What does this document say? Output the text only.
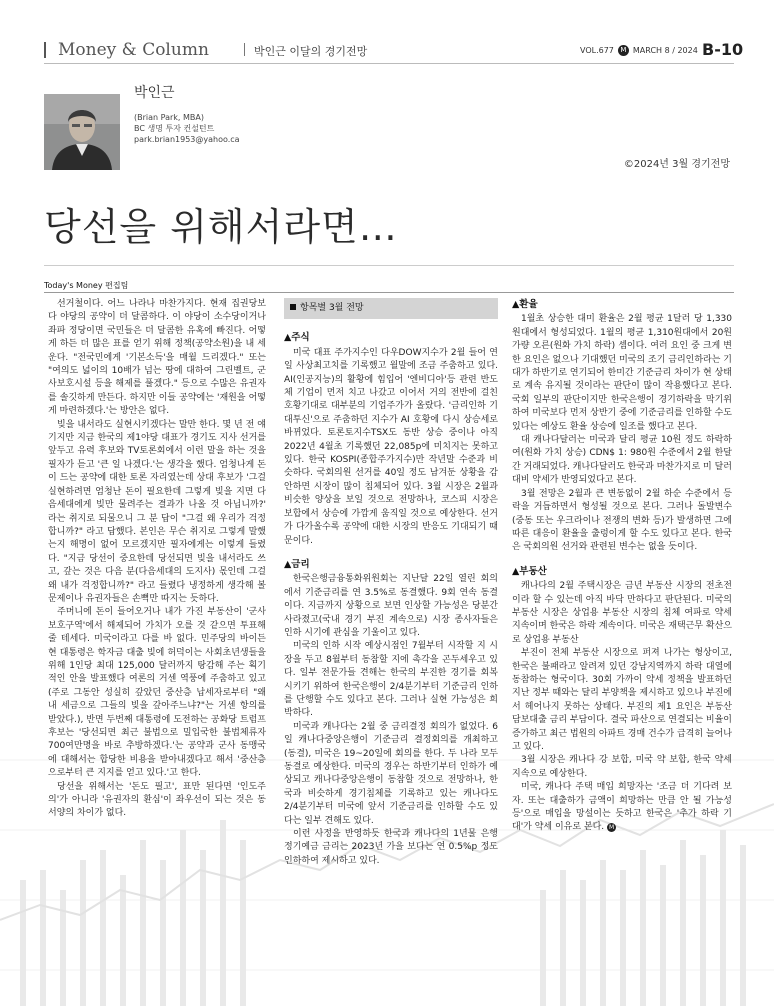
Money & Column	박인근 이달의 경기전망	VOL.677 M MARCH 8 / 2024 B-10
박인근
(Brian Park, MBA)
BC 생명 투자 컨설턴트
park.brian1953@yahoo.ca
©2024년 3월 경기전망
당선을 위해서라면…
Today's Money 편집팀

선거철이다. 어느 나라나 마찬가지다. 현재 집권당보다 야당의 공약이 더 달콤하다. 이 야당이 소수당이거나 좌파 정당이면 국민들은 더 달콤한 유혹에 빠진다. 어떻게 하든 더 많은 표를 얻기 위해 정책(공약소원)을 내 세운다. "전국민에게 '기본소득'을 매월 드리겠다." 또는 "여의도 넓이의 10배가 넘는 땅에 대하여 그린벨트, 군사보호시설 등을 해제를 풀겠다." 등으로 수많은 유권자를 솔깃하게 만든다. 하지만 이들 공약에는 '재원을 어떻게 마련하겠다.'는 방안은 없다.

빚을 내서라도 실현시키겠다는 말만 한다. 몇 년 전 얘기지만 지금 한국의 제1야당 대표가 경기도 지사 선거를 앞두고 유력 후보와 TV토론회에서 이런 말을 하는 것을 필자가 듣고 '큰 일 나겠다.'는 생각을 했다. 엄청나게 돈이 드는 공약에 대한 토론 자리였는데 상대 후보가 '그걸 실현하려면 엄청난 돈이 필요한데 그렇게 빚을 지면 다음세대에게 빚만 물려주는 결과가 나올 것 아닙니까?' 라는 취지로 되물으니 그 분 답이 "그걸 왜 우리가 걱정합니까?" 라고 답했다. 본인은 무슨 취지로 그렇게 말했는지 해명이 없어 모르겠지만 필자에게는 이렇게 들렸다. "지금 당선이 중요한데 당선되면 빚을 내서라도 쓰고, 갚는 것은 다음 분(다음세대의 도지사) 몫인데 그걸 왜 내가 걱정합니까?" 라고 들렸다 냉정하게 생각해 볼 문제이나 유권자들은 손뼉만 따지는 듯하다.

주머니에 돈이 들어오거나 내가 가진 부동산이 '군사보호구역'에서 해제되어 가치가 오를 것 같으면 투표해 줄 테세다. 미국이라고 다를 바 없다. 민주당의 바이든 현 대통령은 학자금 대출 빚에 허덕이는 사회초년생들을 위해 1인당 최대 125,000 달러까지 탕감해 주는 획기적인 안을 발표했다 여론의 거센 역풍에 주춤하고 있고(주로 그동안 성실히 갚았던 중산층 납세자로부터 "왜 내 세금으로 그들의 빚을 갚아주느냐?"는 거센 항의를 받았다.), 반면 두번째 대통령에 도전하는 공화당 트럼프 후보는 '당선되면 최근 불법으로 밀입국한 불법체류자 700여만명을 바로 추방하겠다.'는 공약과 군사 동맹국에 대해서는 합당한 비용을 받아내겠다고 해서 '중산층으로부터 큰 지지를 얻고 있다.'고 한다.

당선을 위해서는 '돈도 필고', 표만 된다면 '인도주의'가 아니라 '유권자의 환심'이 좌우선이 되는 것은 동서양의 차이가 없다.

항목별 3월 전망
▲주식

미국 대표 주가지수인 다우DOW지수가 2월 들어 연일 사상최고치를 기록했고 월말에 조금 주춤하고 있다. AI(인공지능)의 활황에 힘입어 '엔비디아'등 관련 반도체 기업이 먼저 치고 나갔고 이어서 거의 전반에 걸친 호황기대로 대부분의 기업주가가 올랐다. '금리인하 기대투신'으로 주춤하던 지수가 AI 호황에 다시 상승세로 바뀌었다. 토론토지수TSX도 동반 상승 중이나 아직 2022년 4월초 기록했던 22,085p에 미치지는 못하고 있다. 한국 KOSPI(종합주가지수)만 작년말 수준과 비슷하다. 국회의원 선거를 40일 정도 남겨둔 상황을 감안하면 시장이 많이 침체되어 있다. 3월 시장은 2월과 비슷한 양상을 보일 것으로 전망하나, 코스피 시장은 보합에서 상승에 가깝게 움직일 것으로 예상한다. 선거가 다가올수록 공약에 대한 시장의 반응도 기대되기 때문이다.

▲금리

한국은행금융통화위원회는 지난달 22일 열린 회의에서 기준금리를 연 3.5%로 동결했다. 9회 연속 동결이다. 지금까지 상황으로 보면 인상할 가능성은 당분간 사라졌고(국내 경기 부진 계속으로) 시장 종사자들은 인하 시기에 관심을 기울이고 있다.

미국의 인하 시작 예상시점인 7월부터 시작할 지 시장을 두고 8월부터 동참할 지에 촉각을 곤두세우고 있다. 일부 전문가들 견해는 한국의 부진한 경기를 회복시키기 위하여 한국은행이 2/4분기부터 기준금리 인하를 단행할 수도 있다고 본다. 그러나 실현 가능성은 희박하다.

미국과 캐나다는 2월 중 금리결정 회의가 없었다. 6일 캐나다중앙은행이 기준금리 결정회의를 개최하고(동결), 미국은 19~20일에 회의를 한다. 두 나라 모두 동결로 예상한다. 미국의 경우는 하반기부터 인하가 예상되고 캐나다중앙은행이 동참할 것으로 전망하나, 한국과 비슷하게 경기침체를 기록하고 있는 캐나다도 2/4분기부터 미국에 앞서 기준금리를 인하할 수도 있다는 일부 견해도 있다.

이런 사정을 반영하듯 한국과 캐나다의 1년물 은행정기예금 금리는 2023년 가을 보다는 연 0.5%p 정도 인하하여 제시하고 있다.

▲환율

1월초 상승한 대미 환율은 2월 평균 1달러 당 1,330원대에서 형성되었다. 1월의 평균 1,310원대에서 20원가량 오른(원화 가치 하락) 셈이다. 여러 요인 중 크게 변한 요인은 없으나 기대했던 미국의 조기 금리인하라는 기대가 하반기로 연기되어 한미간 기준금리 차이가 현 상태로 계속 유지될 것이라는 판단이 많이 작용했다고 본다. 국회 일부의 판단이지만 한국은행이 경기하락을 막기위하여 미국보다 먼저 상반기 중에 기준금리를 인하할 수도 있다는 예상도 환율 상승에 일조를 했다고 본다.

대 캐나다달러는 미국과 달리 평균 10원 정도 하락하여(원화 가치 상승) CDN$ 1: 980원 수준에서 2월 한달 간 거래되었다. 캐나다달러도 한국과 마찬가지로 미 달러 대비 약세가 반영되었다고 본다.

3월 전망은 2월과 큰 변동없이 2월 하순 수준에서 등락을 거듭하면서 형성될 것으로 본다. 그러나 돌발변수(중동 또는 우크라이나 전쟁의 변화 등)가 발생하면 그에 따른 대응이 환율을 출렁이게 할 수도 있다고 본다. 한국은 국회의원 선거와 관련된 변수는 없을 듯이다.

▲부동산

캐나다의 2월 주택시장은 금년 부동산 시장의 전초전이라 할 수 있는데 아직 바닥 만하다고 판단된다. 미국의 부동산 시장은 상업용 부동산 시장의 침체 여파로 약세 지속이며 한국은 하락 계속이다. 미국은 재택근무 확산으로 상업용 부동산

부진이 전체 부동산 시장으로 퍼져 나가는 형상이고, 한국은 불패라고 알려져 있던 강남지역까지 하락 대열에 동참하는 형국이다. 30회 가까이 약세 정책을 발표하던 지난 정부 때와는 달리 부양책을 제시하고 있으나 부진에서 헤어나지 못하는 상태다. 부진의 제1 요인은 부동산 담보대출 금리 부담이다. 결국 파산으로 연결되는 비율이 증가하고 최근 법원의 아파트 경매 건수가 급격히 늘어나고 있다.

3월 시장은 캐나다 강 보합, 미국 약 보합, 한국 약세 지속으로 예상한다.

미국, 캐나다 주택 매입 희망자는 '조금 더 기다려 보자. 또는 대출하가 금액이 희망하는 만큼 안 될 가능성 등'으로 매입을 망설이는 듯하고 한국은 '추가 하락 기대'가 약세 이유로 본다. M
